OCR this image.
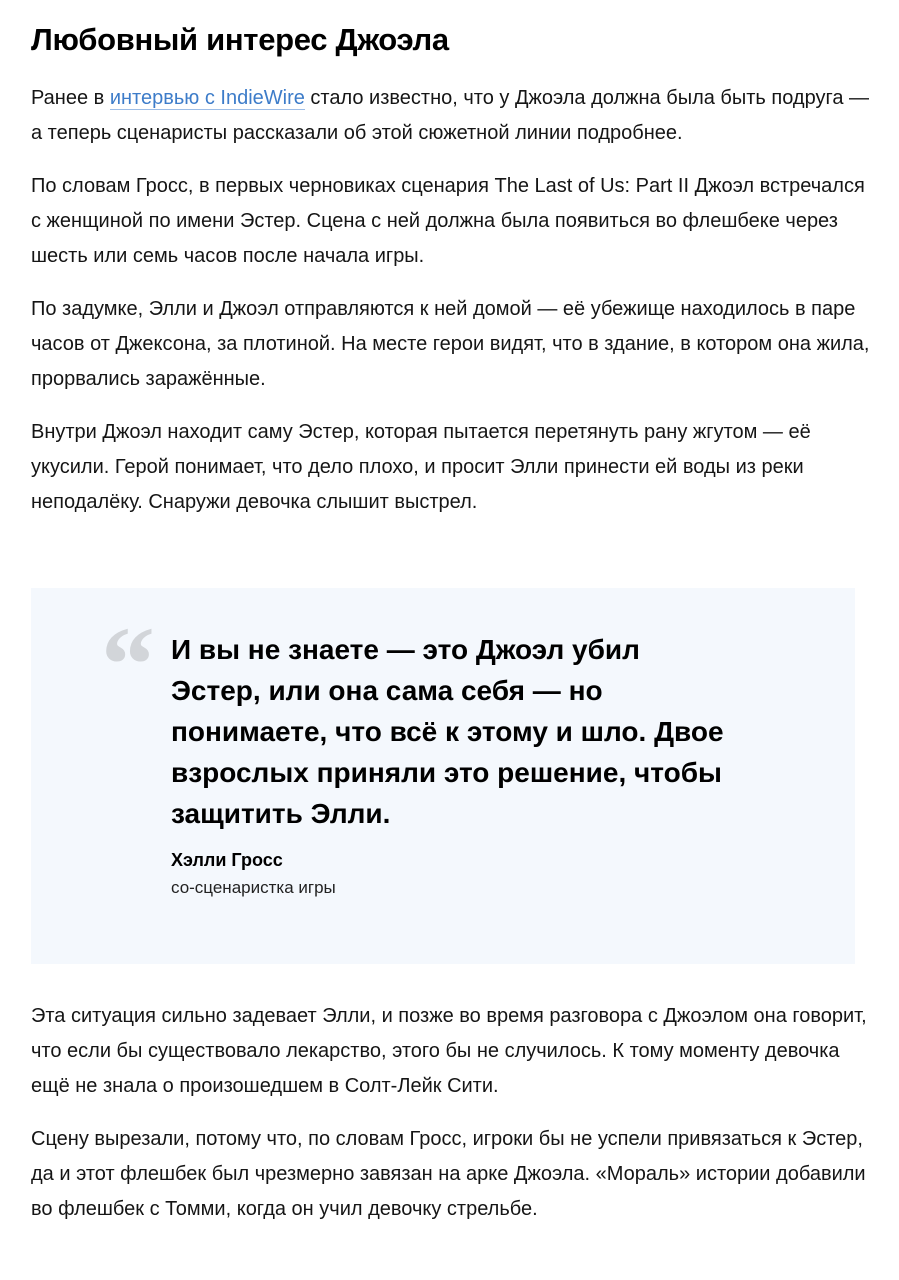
Любовный интерес Джоэла

Ранее в интервью с IndieWire стало известно, что у Джоэла должна была быть подруга — а теперь сценаристы рассказали об этой сюжетной линии подробнее.

По словам Гросс, в первых черновиках сценария The Last of Us: Part II Джоэл встречался с женщиной по имени Эстер. Сцена с ней должна была появиться во флешбеке через шесть или семь часов после начала игры.

По задумке, Элли и Джоэл отправляются к ней домой — её убежище находилось в паре часов от Джексона, за плотиной. На месте герои видят, что в здание, в котором она жила, прорвались заражённые.

Внутри Джоэл находит саму Эстер, которая пытается перетянуть рану жгутом — её укусили. Герой понимает, что дело плохо, и просит Элли принести ей воды из реки неподалёку. Снаружи девочка слышит выстрел.

“ И вы не знаете — это Джоэл убил Эстер, или она сама себя — но понимаете, что всё к этому и шло. Двое взрослых приняли это решение, чтобы защитить Элли.
Хэлли Гросс
со-сценаристка игры

Эта ситуация сильно задевает Элли, и позже во время разговора с Джоэлом она говорит, что если бы существовало лекарство, этого бы не случилось. К тому моменту девочка ещё не знала о произошедшем в Солт-Лейк Сити.

Сцену вырезали, потому что, по словам Гросс, игроки бы не успели привязаться к Эстер, да и этот флешбек был чрезмерно завязан на арке Джоэла. «Мораль» истории добавили во флешбек с Томми, когда он учил девочку стрельбе.
